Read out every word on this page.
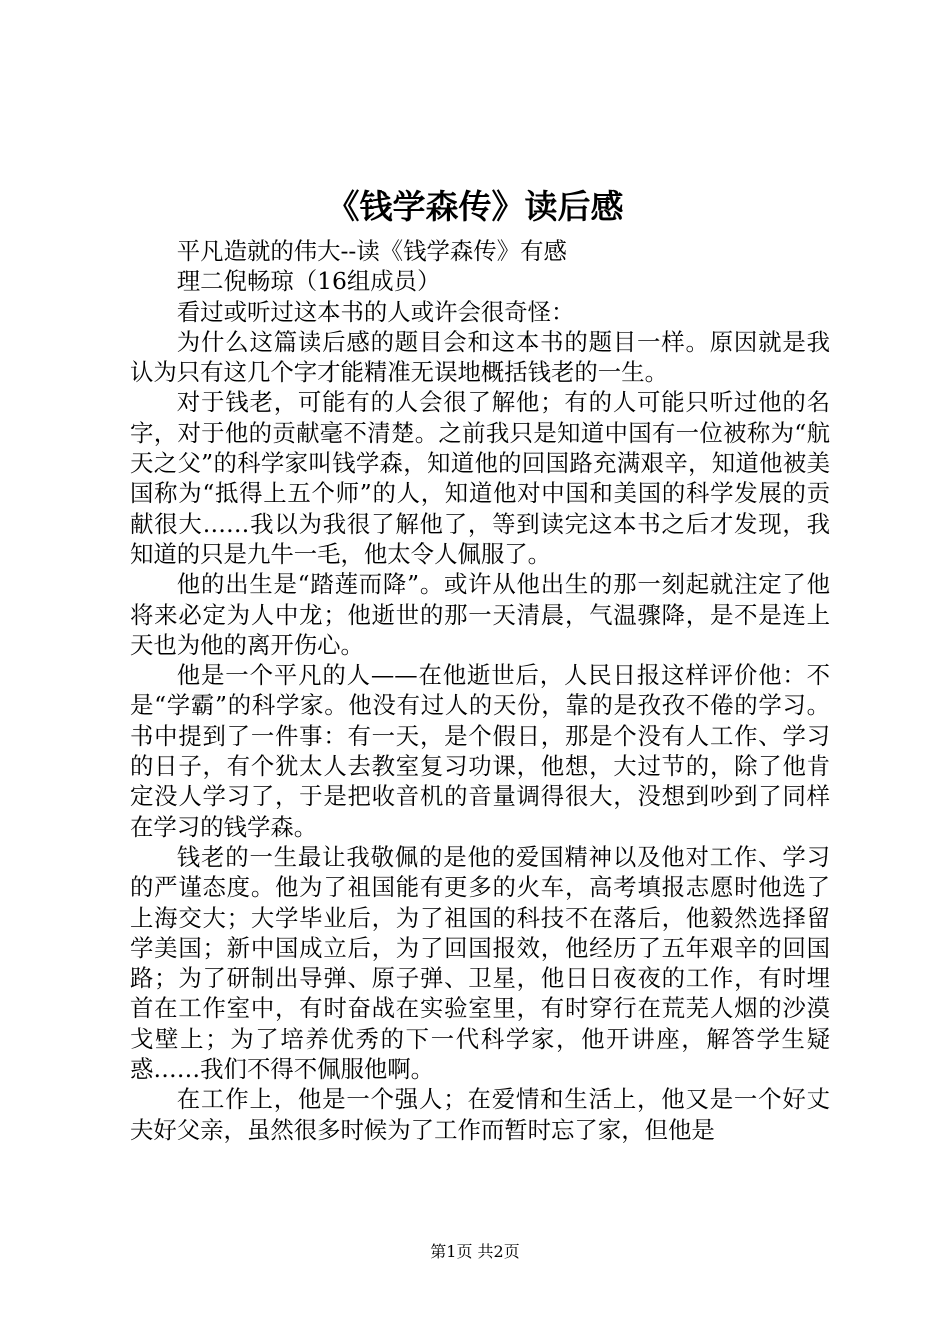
《钱学森传》读后感

平凡造就的伟大--读《钱学森传》有感

理二倪畅琼（16组成员）

看过或听过这本书的人或许会很奇怪：

为什么这篇读后感的题目会和这本书的题目一样。原因就是我认为只有这几个字才能精准无误地概括钱老的一生。

对于钱老，可能有的人会很了解他；有的人可能只听过他的名字，对于他的贡献毫不清楚。之前我只是知道中国有一位被称为“航天之父”的科学家叫钱学森，知道他的回国路充满艰辛，知道他被美国称为“抵得上五个师”的人，知道他对中国和美国的科学发展的贡献很大……我以为我很了解他了，等到读完这本书之后才发现，我知道的只是九牛一毛，他太令人佩服了。

他的出生是“踏莲而降”。或许从他出生的那一刻起就注定了他将来必定为人中龙；他逝世的那一天清晨，气温骤降，是不是连上天也为他的离开伤心。

他是一个平凡的人——在他逝世后，人民日报这样评价他：不是“学霸”的科学家。他没有过人的天份，靠的是孜孜不倦的学习。书中提到了一件事：有一天，是个假日，那是个没有人工作、学习的日子，有个犹太人去教室复习功课，他想，大过节的，除了他肯定没人学习了，于是把收音机的音量调得很大，没想到吵到了同样在学习的钱学森。

钱老的一生最让我敬佩的是他的爱国精神以及他对工作、学习的严谨态度。他为了祖国能有更多的火车，高考填报志愿时他选了上海交大；大学毕业后，为了祖国的科技不在落后，他毅然选择留学美国；新中国成立后，为了回国报效，他经历了五年艰辛的回国路；为了研制出导弹、原子弹、卫星，他日日夜夜的工作，有时埋首在工作室中，有时奋战在实验室里，有时穿行在荒芜人烟的沙漠戈壁上；为了培养优秀的下一代科学家，他开讲座，解答学生疑惑……我们不得不佩服他啊。

在工作上，他是一个强人；在爱情和生活上，他又是一个好丈夫好父亲，虽然很多时候为了工作而暂时忘了家，但他是

第1页 共2页
